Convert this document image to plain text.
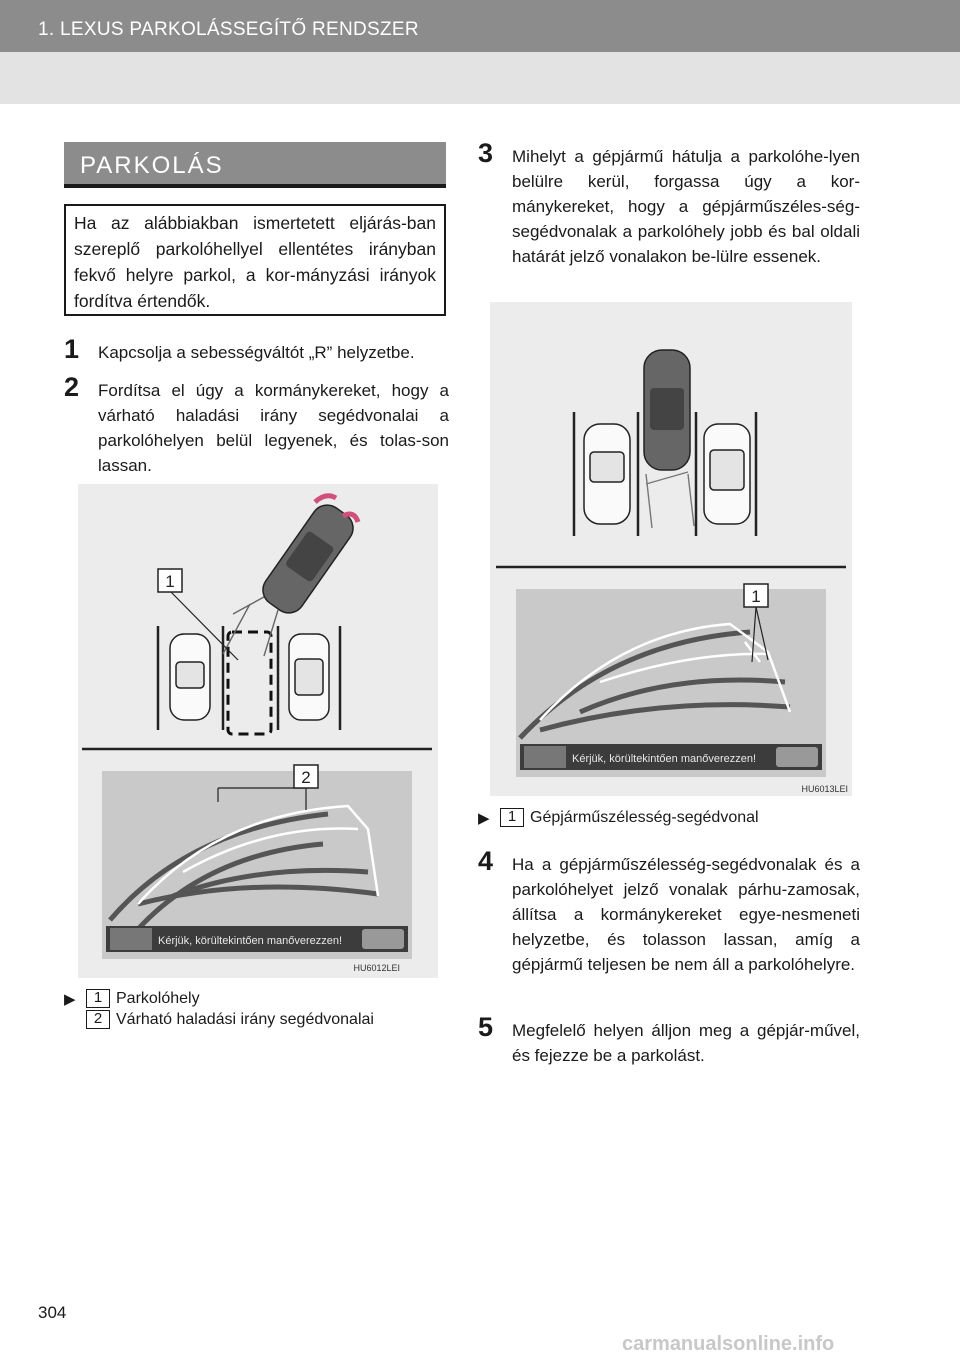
1. LEXUS PARKOLÁSSEGÍTŐ RENDSZER
PARKOLÁS
Ha az alábbiakban ismertetett eljárás-ban szereplő parkolóhellyel ellentétes irányban fekvő helyre parkol, a kor-mányzási irányok fordítva értendők.
1	Kapcsolja a sebességváltót „R” helyzetbe.
2	Fordítsa el úgy a kormánykereket, hogy a várható haladási irány segédvonalai a parkolóhelyen belül legyenek, és tolas-son lassan.
1
2
Kérjük, körültekintően manőverezzen!
HU6012LEI
▶	1 Parkolóhely
2 Várható haladási irány segédvonalai
3	Mihelyt a gépjármű hátulja a parkolóhe-lyen belülre kerül, forgassa úgy a kor-mánykereket, hogy a gépjárműszéles-ség-segédvonalak a parkolóhely jobb és bal oldali határát jelző vonalakon be-lülre essenek.
1
Kérjük, körültekintően manőverezzen!
HU6013LEI
▶	1 Gépjárműszélesség-segédvonal
4	Ha a gépjárműszélesség-segédvonalak és a parkolóhelyet jelző vonalak párhu-zamosak, állítsa a kormánykereket egye-nesmeneti helyzetbe, és tolasson lassan, amíg a gépjármű teljesen be nem áll a parkolóhelyre.
5	Megfelelő helyen álljon meg a gépjár-művel, és fejezze be a parkolást.
304
carmanualsonline.info
